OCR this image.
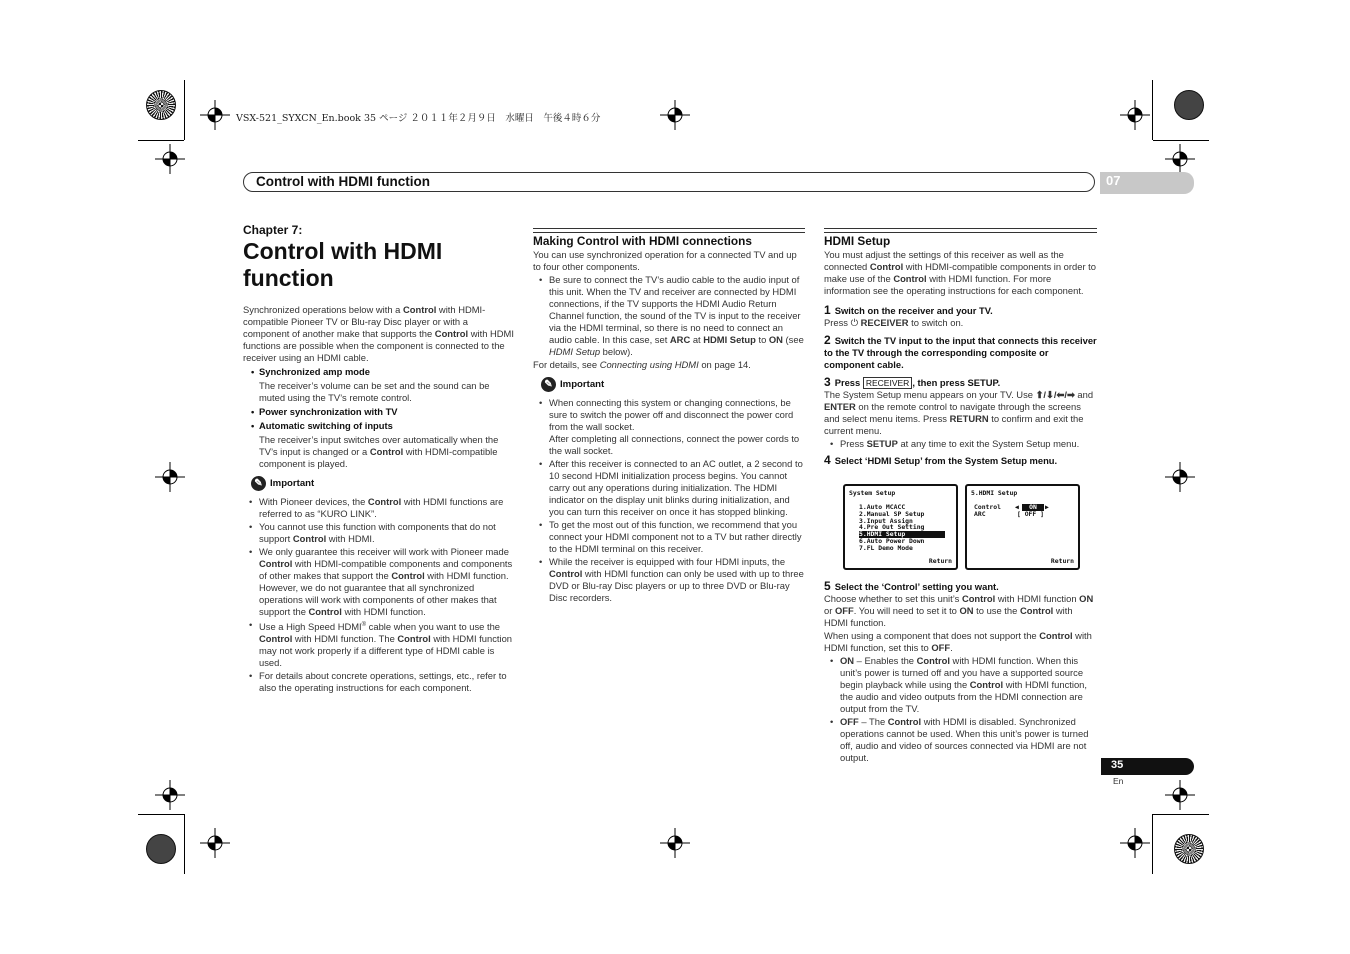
VSX-521_SYXCN_En.book 35 ページ ２０１１年２月９日　水曜日　午後４時６分
Control with HDMI function	07
Chapter 7:
Control with HDMI
function

Synchronized operations below with a Control with HDMI-compatible Pioneer TV or Blu-ray Disc player or with a component of another make that supports the Control with HDMI functions are possible when the component is connected to the receiver using an HDMI cable.

• Synchronized amp mode

The receiver’s volume can be set and the sound can be muted using the TV’s remote control.

• Power synchronization with TV
• Automatic switching of inputs

The receiver’s input switches over automatically when the TV’s input is changed or a Control with HDMI-compatible component is played.

✎ Important
• With Pioneer devices, the Control with HDMI functions are referred to as “KURO LINK”.
• You cannot use this function with components that do not support Control with HDMI.
• We only guarantee this receiver will work with Pioneer made Control with HDMI-compatible components and components of other makes that support the Control with HDMI function. However, we do not guarantee that all synchronized operations will work with components of other makes that support the Control with HDMI function.
• Use a High Speed HDMI® cable when you want to use the Control with HDMI function. The Control with HDMI function may not work properly if a different type of HDMI cable is used.
• For details about concrete operations, settings, etc., refer to also the operating instructions for each component.
Making Control with HDMI connections

You can use synchronized operation for a connected TV and up to four other components.

• Be sure to connect the TV’s audio cable to the audio input of this unit. When the TV and receiver are connected by HDMI connections, if the TV supports the HDMI Audio Return Channel function, the sound of the TV is input to the receiver via the HDMI terminal, so there is no need to connect an audio cable. In this case, set ARC at HDMI Setup to ON (see HDMI Setup below).

For details, see Connecting using HDMI on page 14.

✎ Important
• When connecting this system or changing connections, be sure to switch the power off and disconnect the power cord from the wall socket.
After completing all connections, connect the power cords to the wall socket.
• After this receiver is connected to an AC outlet, a 2 second to 10 second HDMI initialization process begins. You cannot carry out any operations during initialization. The HDMI indicator on the display unit blinks during initialization, and you can turn this receiver on once it has stopped blinking.
• To get the most out of this function, we recommend that you connect your HDMI component not to a TV but rather directly to the HDMI terminal on this receiver.
• While the receiver is equipped with four HDMI inputs, the Control with HDMI function can only be used with up to three DVD or Blu-ray Disc players or up to three DVD or Blu-ray Disc recorders.
HDMI Setup

You must adjust the settings of this receiver as well as the connected Control with HDMI-compatible components in order to make use of the Control with HDMI function. For more information see the operating instructions for each component.

1 Switch on the receiver and your TV.

Press ⏻ RECEIVER to switch on.

2 Switch the TV input to the input that connects this receiver to the TV through the corresponding composite or component cable.
3 Press RECEIVER , then press SETUP.

The System Setup menu appears on your TV. Use ⬆/⬇/⬅/➡ and ENTER on the remote control to navigate through the screens and select menu items. Press RETURN to confirm and exit the current menu.

• Press SETUP at any time to exit the System Setup menu.
4 Select ‘HDMI Setup’ from the System Setup menu.
System Setup
1.Auto MCACC
2.Manual SP Setup
3.Input Assign
4.Pre Out Setting
5.HDMI Setup
6.Auto Power Down
7.FL Demo Mode
Return
5.HDMI Setup
Control ◀	ON	▶
ARC	[ OFF ]
Return
5 Select the ‘Control’ setting you want.

Choose whether to set this unit’s Control with HDMI function ON or OFF. You will need to set it to ON to use the Control with HDMI function.

When using a component that does not support the Control with HDMI function, set this to OFF.

• ON – Enables the Control with HDMI function. When this unit’s power is turned off and you have a supported source begin playback while using the Control with HDMI function, the audio and video outputs from the HDMI connection are output from the TV.
• OFF – The Control with HDMI is disabled. Synchronized operations cannot be used. When this unit’s power is turned off, audio and video of sources connected via HDMI are not output.
35
En
